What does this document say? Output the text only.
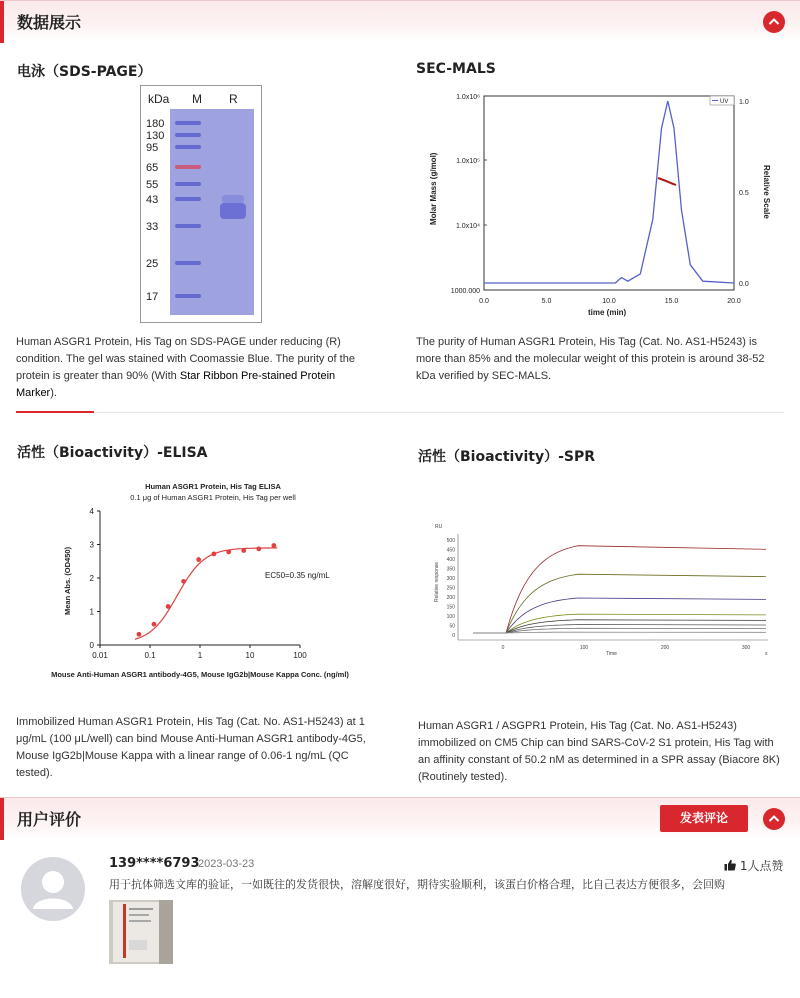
数据展示
电泳（SDS-PAGE）
kDa M R
180
130
95
65
55
43
33
25
17
Human ASGR1 Protein, His Tag on SDS-PAGE under reducing (R) condition. The gel was stained with Coomassie Blue. The purity of the protein is greater than 90% (With Star Ribbon Pre-stained Protein Marker).
SEC-MALS
Molar Mass (g/mol)	Relative Scale
time (min)
1.0x10⁶
1.0x10⁵
1.0x10⁴
1000.000
1.0
0.5
0.0
0.0	5.0	10.0	15.0	20.0
UV
The purity of Human ASGR1 Protein, His Tag (Cat. No. AS1-H5243) is more than 85% and the molecular weight of this protein is around 38-52 kDa verified by SEC-MALS.
活性（Bioactivity）-ELISA
Human ASGR1 Protein, His Tag ELISA
0.1 μg of Human ASGR1 Protein, His Tag per well
Mean Abs. (OD450)
Mouse Anti-Human ASGR1 antibody-4G5, Mouse IgG2b|Mouse Kappa Conc. (ng/ml)
0
1
2
3
4
0.01	0.1	1	10	100
EC50=0.35 ng/mL
Immobilized Human ASGR1 Protein, His Tag (Cat. No. AS1-H5243) at 1 μg/mL (100 μL/well) can bind Mouse Anti-Human ASGR1 antibody-4G5, Mouse IgG2b|Mouse Kappa with a linear range of 0.06-1 ng/mL (QC tested).
活性（Bioactivity）-SPR
RU
Relative response
Time	s
500
450
400
350
300
250
200
150
100
50
0
0	100	200	300
Human ASGR1 / ASGPR1 Protein, His Tag (Cat. No. AS1-H5243) immobilized on CM5 Chip can bind SARS-CoV-2 S1 protein, His Tag with an affinity constant of 50.2 nM as determined in a SPR assay (Biacore 8K) (Routinely tested).
用户评价	发表评论
139****6793
2023-03-23	1人点赞
用于抗体筛选文库的验证，一如既往的发货很快，溶解度很好，期待实验顺利，该蛋白价格合理，比自己表达方便很多，会回购
